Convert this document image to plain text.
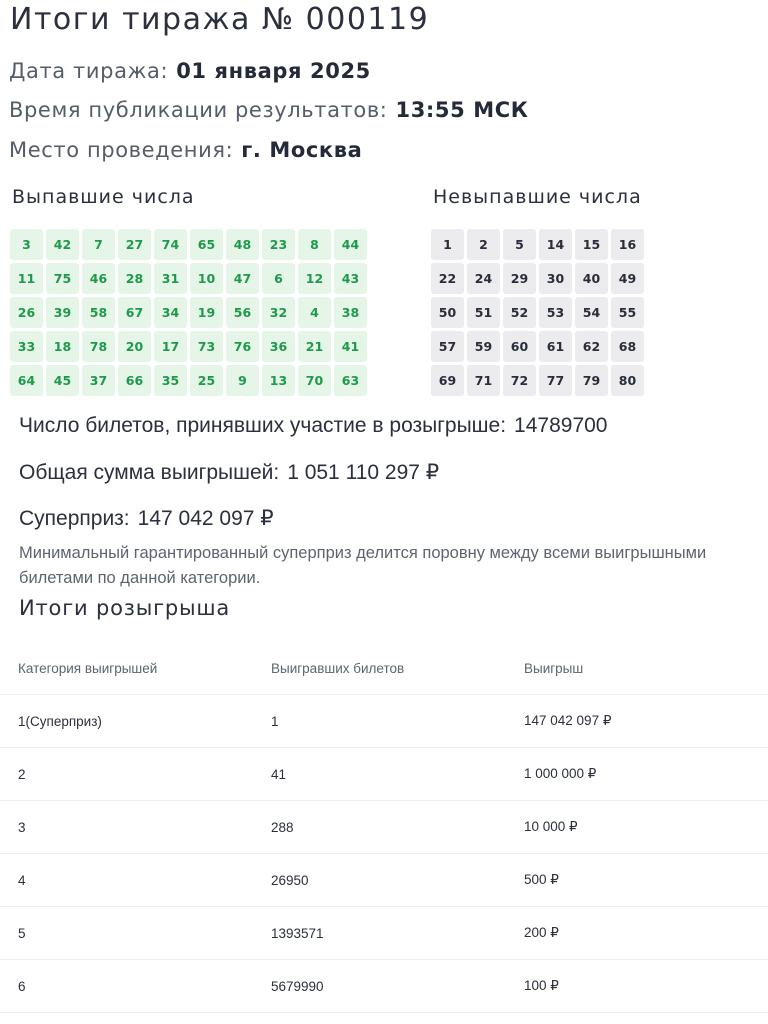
Итоги тиража № 000119
Дата тиража: 01 января 2025
Время публикации результатов: 13:55 МСК
Место проведения: г. Москва
Выпавшие числа	Невыпавшие числа
3	42	7	27	74	65	48	23	8	44
11	75	46	28	31	10	47	6	12	43
26	39	58	67	34	19	56	32	4	38
33	18	78	20	17	73	76	36	21	41
64	45	37	66	35	25	9	13	70	63
1	2	5	14	15	16
22	24	29	30	40	49
50	51	52	53	54	55
57	59	60	61	62	68
69	71	72	77	79	80
Число билетов, принявших участие в розыгрыше: 14789700
Общая сумма выигрышей: 1 051 110 297 ₽
Суперприз: 147 042 097 ₽
Минимальный гарантированный суперприз делится поровну между всеми выигрышными билетами по данной категории.
Итоги розыгрыша
Категория выигрышей	Выигравших билетов	Выигрыш
1(Суперприз)	1	147 042 097 ₽
2	41	1 000 000 ₽
3	288	10 000 ₽
4	26950	500 ₽
5	1393571	200 ₽
6	5679990	100 ₽
